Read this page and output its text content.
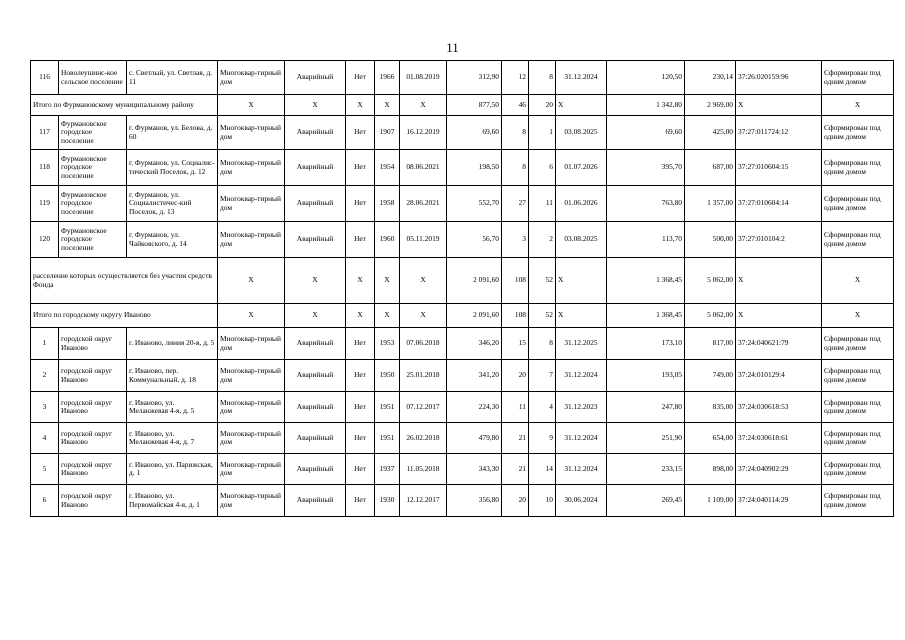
11
116	Новолеушинс-кое сельское поселение	с. Светлый, ул. Светлая, д. 11	Многоквар-тирный дом	Аварийный	Нет	1966	01.08.2019	312,90	12	8	31.12.2024	120,50	230,14	37:26:020159:96	Сформирован под одним домом
Итого по Фурмановскому муниципальному району			X	X	X	X	X	877,50	46	20	X	1 342,80	2 969,00	X	X
117	Фурмановское городское поселение	г. Фурманов, ул. Белова, д. 60	Многоквар-тирный дом	Аварийный	Нет	1907	16.12.2019	69,60	8	1	03.08.2025	69,60	425,00	37:27:011724:12	Сформирован под одним домом
118	Фурмановское городское поселение	г. Фурманов, ул. Социалис-тический Поселок, д. 12	Многоквар-тирный дом	Аварийный	Нет	1954	08.06.2021	198,50	8	6	01.07.2026	395,70	687,00	37:27:010604:15	Сформирован под одним домом
119	Фурмановское городское поселение	г. Фурманов, ул. Социалистичес-кий Поселок, д. 13	Многоквар-тирный дом	Аварийный	Нет	1958	28.06.2021	552,70	27	11	01.06.2026	763,80	1 357,00	37:27:010604:14	Сформирован под одним домом
120	Фурмановское городское поселение	г. Фурманов, ул. Чайковского, д. 14	Многоквар-тирный дом	Аварийный	Нет	1960	05.11.2019	56,70	3	2	03.08.2025	113,70	500,00	37:27:010104:2	Сформирован под одним домом
расселение которых осуществляется без участия средств Фонда			X	X	X	X	X	2 091,60	108	52	X	1 368,45	5 062,00	X	X
Итого по городскому округу Иваново			X	X	X	X	X	2 091,60	108	52	X	1 368,45	5 062,00	X	X
1	городской округ Иваново	г. Иваново, линия 20-я, д. 5	Многоквар-тирный дом	Аварийный	Нет	1953	07.06.2018	346,20	15	8	31.12.2025	173,10	817,00	37:24:040621:79	Сформирован под одним домом
2	городской округ Иваново	г. Иваново, пер. Коммунальный, д. 18	Многоквар-тирный дом	Аварийный	Нет	1950	25.01.2018	341,20	20	7	31.12.2024	193,05	749,00	37:24:010129:4	Сформирован под одним домом
3	городской округ Иваново	г. Иваново, ул. Меланжевая 4-я, д. 5	Многоквар-тирный дом	Аварийный	Нет	1951	07.12.2017	224,30	11	4	31.12.2023	247,80	835,00	37:24:030618:53	Сформирован под одним домом
4	городской округ Иваново	г. Иваново, ул. Меланжевая 4-я, д. 7	Многоквар-тирный дом	Аварийный	Нет	1951	26.02.2018	479,80	21	9	31.12.2024	251,90	654,00	37:24:030618:61	Сформирован под одним домом
5	городской округ Иваново	г. Иваново, ул. Парижская, д. 1	Многоквар-тирный дом	Аварийный	Нет	1937	11.05.2018	343,30	21	14	31.12.2024	233,15	898,00	37:24:040902:29	Сформирован под одним домом
6	городской округ Иваново	г. Иваново, ул. Первомайская 4-я, д. 1	Многоквар-тирный дом	Аварийный	Нет	1930	12.12.2017	356,80	20	10	30.06.2024	269,45	1 109,00	37:24:040114:29	Сформирован под одним домом
